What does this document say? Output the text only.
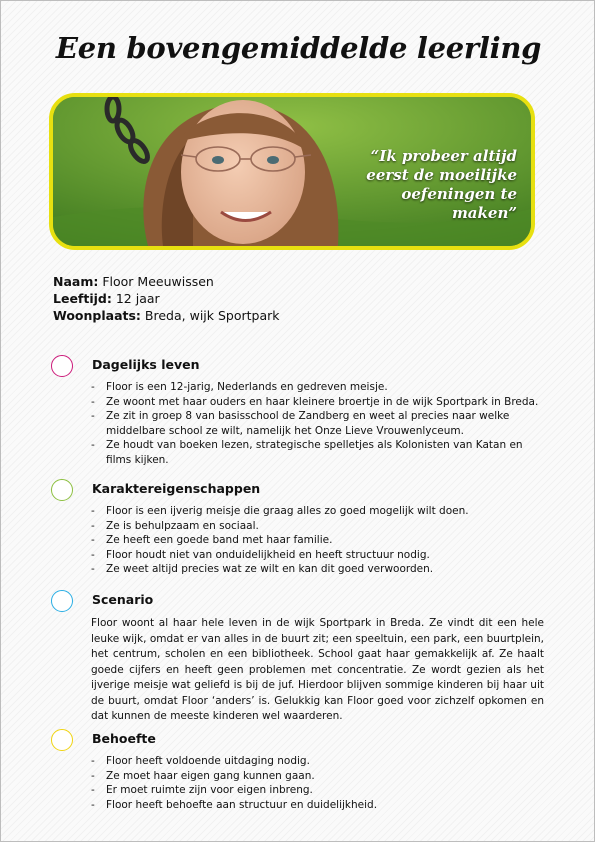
Een bovengemiddelde leerling
“Ik probeer altijd eerst de moeilijke oefeningen te maken”
Naam: Floor Meeuwissen
Leeftijd: 12 jaar
Woonplaats: Breda, wijk Sportpark
Dagelijks leven
- Floor is een 12-jarig, Nederlands en gedreven meisje.
- Ze woont met haar ouders en haar kleinere broertje in de wijk Sportpark in Breda.
- Ze zit in groep 8 van basisschool de Zandberg en weet al precies naar welke middelbare school ze wilt, namelijk het Onze Lieve Vrouwenlyceum.
- Ze houdt van boeken lezen, strategische spelletjes als Kolonisten van Katan en films kijken.
Karaktereigenschappen
- Floor is een ijverig meisje die graag alles zo goed mogelijk wilt doen.
- Ze is behulpzaam en sociaal.
- Ze heeft een goede band met haar familie.
- Floor houdt niet van onduidelijkheid en heeft structuur nodig.
- Ze weet altijd precies wat ze wilt en kan dit goed verwoorden.
Scenario

Floor woont al haar hele leven in de wijk Sportpark in Breda. Ze vindt dit een hele leuke wijk, omdat er van alles in de buurt zit; een speeltuin, een park, een buurtplein, het centrum, scholen en een bibliotheek. School gaat haar gemakkelijk af. Ze haalt goede cijfers en heeft geen problemen met concentratie. Ze wordt gezien als het ijverige meisje wat geliefd is bij de juf. Hierdoor blijven sommige kinderen bij haar uit de buurt, omdat Floor ‘anders’ is. Gelukkig kan Floor goed voor zichzelf opkomen en dat kunnen de meeste kinderen wel waarderen.

Behoefte
- Floor heeft voldoende uitdaging nodig.
- Ze moet haar eigen gang kunnen gaan.
- Er moet ruimte zijn voor eigen inbreng.
- Floor heeft behoefte aan structuur en duidelijkheid.
